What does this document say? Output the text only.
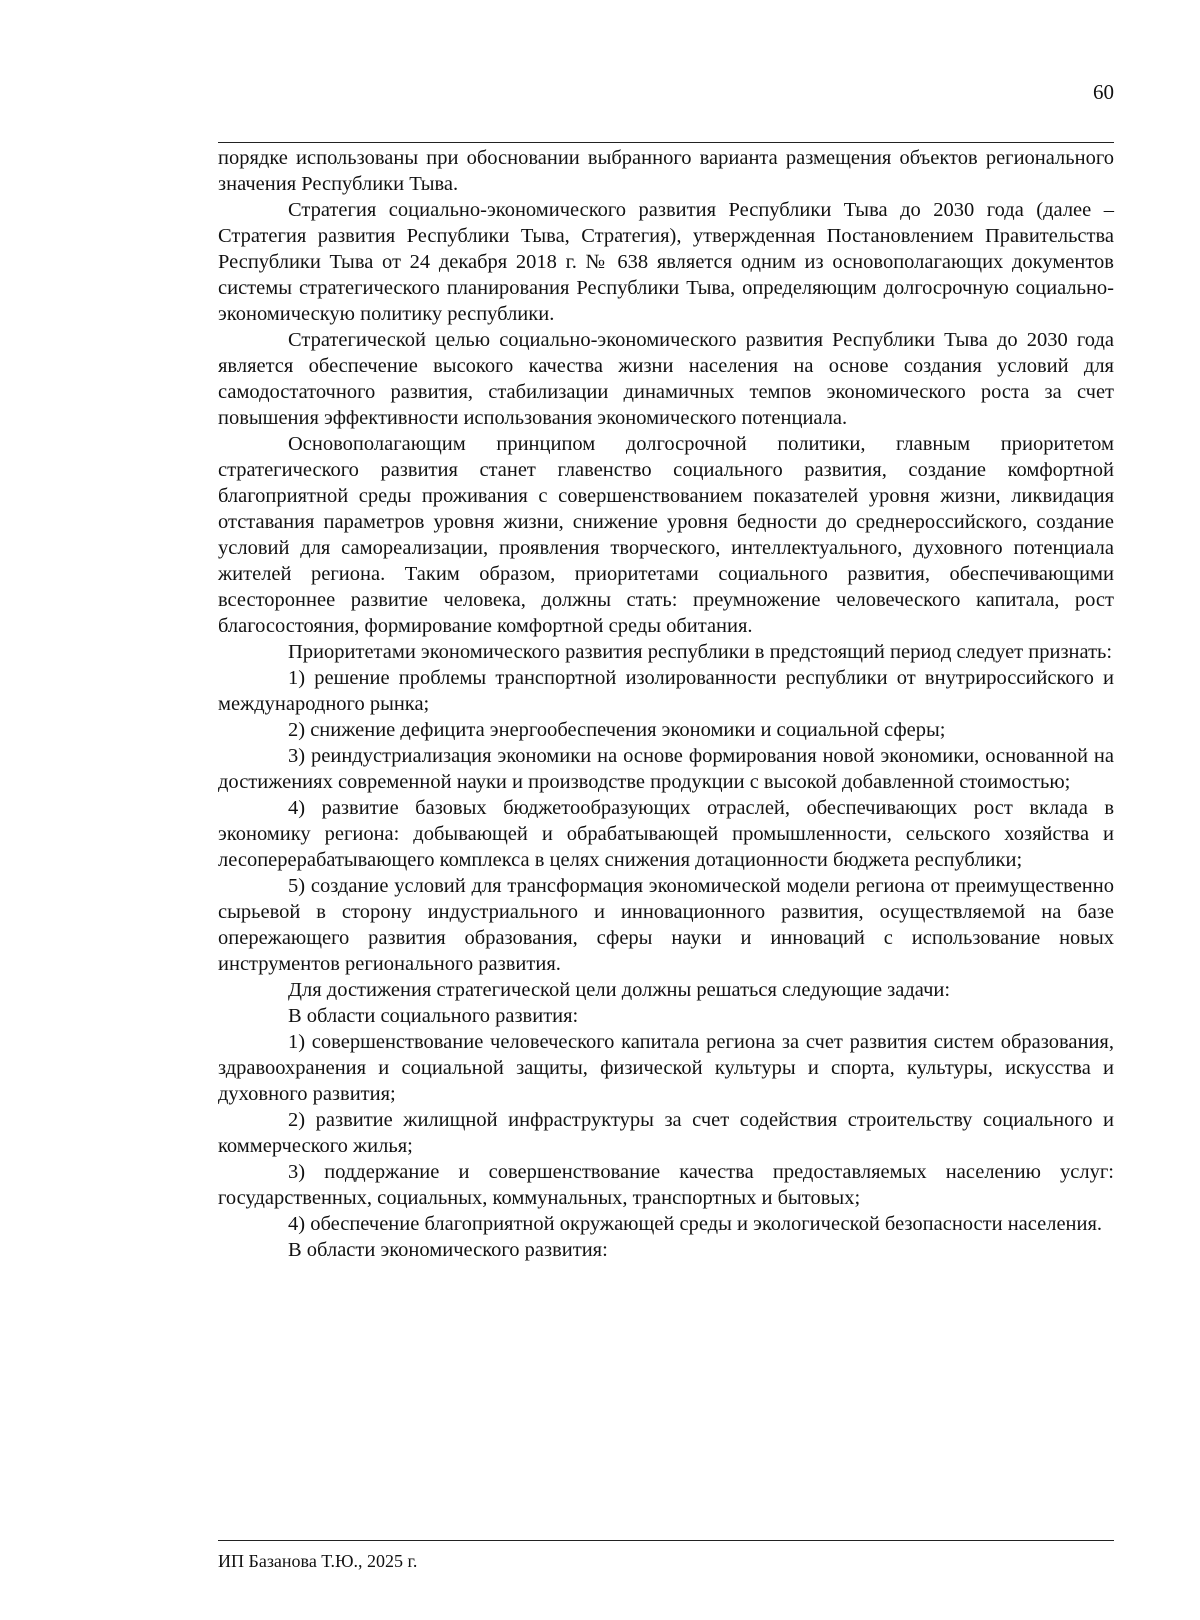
60

порядке использованы при обосновании выбранного варианта размещения объектов регионального значения Республики Тыва.

Стратегия социально-экономического развития Республики Тыва до 2030 года (далее – Стратегия развития Республики Тыва, Стратегия), утвержденная Постановлением Правительства Республики Тыва от 24 декабря 2018 г. № 638 является одним из основополагающих документов системы стратегического планирования Республики Тыва, определяющим долгосрочную социально-экономическую политику республики.

Стратегической целью социально-экономического развития Республики Тыва до 2030 года является обеспечение высокого качества жизни населения на основе создания условий для самодостаточного развития, стабилизации динамичных темпов экономического роста за счет повышения эффективности использования экономического потенциала.

Основополагающим принципом долгосрочной политики, главным приоритетом стратегического развития станет главенство социального развития, создание комфортной благоприятной среды проживания с совершенствованием показателей уровня жизни, ликвидация отставания параметров уровня жизни, снижение уровня бедности до среднероссийского, создание условий для самореализации, проявления творческого, интеллектуального, духовного потенциала жителей региона. Таким образом, приоритетами социального развития, обеспечивающими всестороннее развитие человека, должны стать: преумножение человеческого капитала, рост благосостояния, формирование комфортной среды обитания.

Приоритетами экономического развития республики в предстоящий период следует признать:

1) решение проблемы транспортной изолированности республики от внутрироссийского и международного рынка;

2) снижение дефицита энергообеспечения экономики и социальной сферы;

3) реиндустриализация экономики на основе формирования новой экономики, основанной на достижениях современной науки и производстве продукции с высокой добавленной стоимостью;

4) развитие базовых бюджетообразующих отраслей, обеспечивающих рост вклада в экономику региона: добывающей и обрабатывающей промышленности, сельского хозяйства и лесоперерабатывающего комплекса в целях снижения дотационности бюджета республики;

5) создание условий для трансформация экономической модели региона от преимущественно сырьевой в сторону индустриального и инновационного развития, осуществляемой на базе опережающего развития образования, сферы науки и инноваций с использование новых инструментов регионального развития.

Для достижения стратегической цели должны решаться следующие задачи:

В области социального развития:

1) совершенствование человеческого капитала региона за счет развития систем образования, здравоохранения и социальной защиты, физической культуры и спорта, культуры, искусства и духовного развития;

2) развитие жилищной инфраструктуры за счет содействия строительству социального и коммерческого жилья;

3) поддержание и совершенствование качества предоставляемых населению услуг: государственных, социальных, коммунальных, транспортных и бытовых;

4) обеспечение благоприятной окружающей среды и экологической безопасности населения.

В области экономического развития:

ИП Базанова Т.Ю., 2025 г.
